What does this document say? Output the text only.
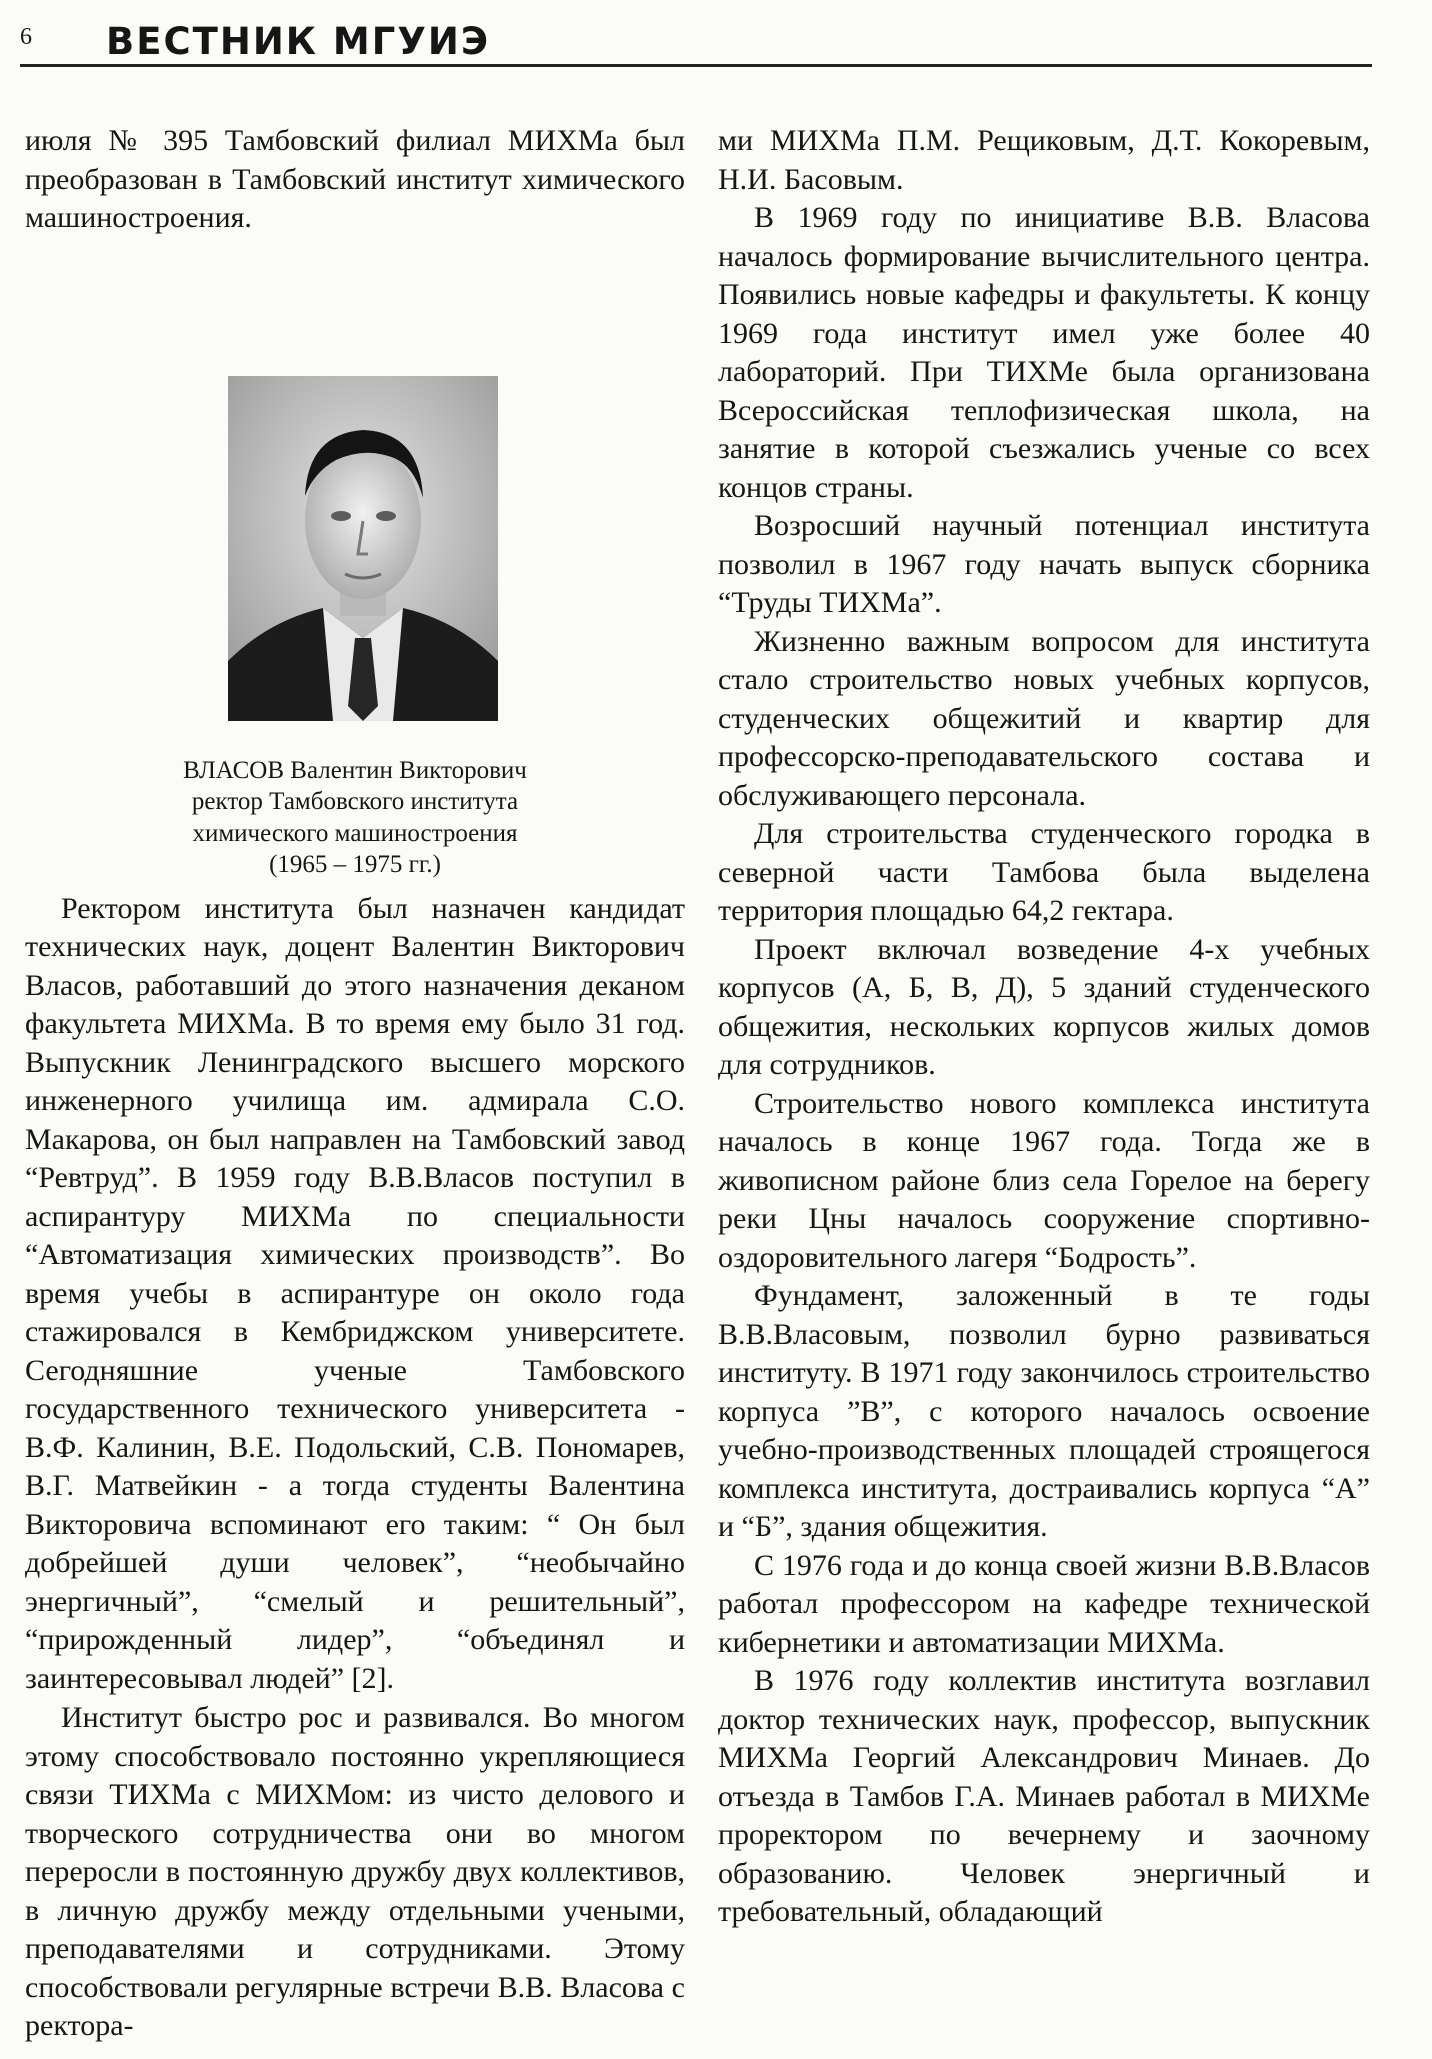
6 ВЕСТНИК МГУИЭ

июля № 395 Тамбовский филиал МИХМа был преобразован в Тамбовский институт химического машиностроения.

ВЛАСОВ Валентин Викторович
ректор Тамбовского института
химического машиностроения
(1965 – 1975 гг.)

Ректором института был назначен кандидат технических наук, доцент Валентин Викторович Власов, работавший до этого назначения деканом факультета МИХМа. В то время ему было 31 год. Выпускник Ленинградского высшего морского инженерного училища им. адмирала С.О. Макарова, он был направлен на Тамбовский завод “Ревтруд”. В 1959 году В.В.Власов поступил в аспирантуру МИХМа по специальности “Автоматизация химических производств”. Во время учебы в аспирантуре он около года стажировался в Кембриджском университете. Сегодняшние ученые Тамбовского государственного технического университета - В.Ф. Калинин, В.Е. Подольский, С.В. Пономарев, В.Г. Матвейкин - а тогда студенты Валентина Викторовича вспоминают его таким: “ Он был добрейшей души человек”, “необычайно энергичный”, “смелый и решительный”, “прирожденный лидер”, “объединял и заинтересовывал людей” [2].

Институт быстро рос и развивался. Во многом этому способствовало постоянно укрепляющиеся связи ТИХМа с МИХМом: из чисто делового и творческого сотрудничества они во многом переросли в постоянную дружбу двух коллективов, в личную дружбу между отдельными учеными, преподавателями и сотрудниками. Этому способствовали регулярные встречи В.В. Власова с ректора-

ми МИХМа П.М. Рещиковым, Д.Т. Кокоревым, Н.И. Басовым.

В 1969 году по инициативе В.В. Власова началось формирование вычислительного центра. Появились новые кафедры и факультеты. К концу 1969 года институт имел уже более 40 лабораторий. При ТИХМе была организована Всероссийская теплофизическая школа, на занятие в которой съезжались ученые со всех концов страны.

Возросший научный потенциал института позволил в 1967 году начать выпуск сборника “Труды ТИХМа”.

Жизненно важным вопросом для института стало строительство новых учебных корпусов, студенческих общежитий и квартир для профессорско-преподавательского состава и обслуживающего персонала.

Для строительства студенческого городка в северной части Тамбова была выделена территория площадью 64,2 гектара.

Проект включал возведение 4-х учебных корпусов (А, Б, В, Д), 5 зданий студенческого общежития, нескольких корпусов жилых домов для сотрудников.

Строительство нового комплекса института началось в конце 1967 года. Тогда же в живописном районе близ села Горелое на берегу реки Цны началось сооружение спортивно-оздоровительного лагеря “Бодрость”.

Фундамент, заложенный в те годы В.В.Власовым, позволил бурно развиваться институту. В 1971 году закончилось строительство корпуса ”В”, с которого началось освоение учебно-производственных площадей строящегося комплекса института, достраивались корпуса “А” и “Б”, здания общежития.

С 1976 года и до конца своей жизни В.В.Власов работал профессором на кафедре технической кибернетики и автоматизации МИХМа.

В 1976 году коллектив института возглавил доктор технических наук, профессор, выпускник МИХМа Георгий Александрович Минаев. До отъезда в Тамбов Г.А. Минаев работал в МИХМе проректором по вечернему и заочному образованию. Человек энергичный и требовательный, обладающий
